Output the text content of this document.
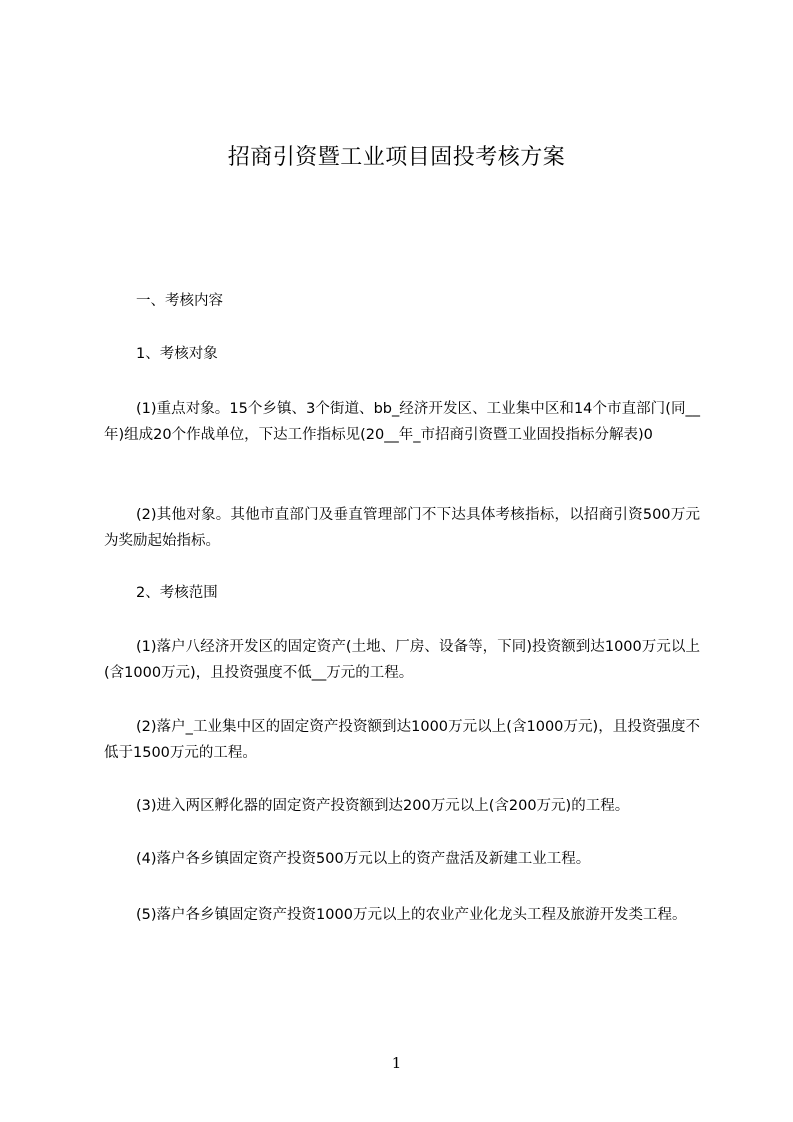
招商引资暨工业项目固投考核方案
一、考核内容
1、考核对象
(1)重点对象。15个乡镇、3个街道、bb_经济开发区、工业集中区和14个市直部门(同__年)组成20个作战单位，下达工作指标见(20__年_市招商引资暨工业固投指标分解表)0
(2)其他对象。其他市直部门及垂直管理部门不下达具体考核指标，以招商引资500万元为奖励起始指标。
2、考核范围
(1)落户八经济开发区的固定资产(土地、厂房、设备等，下同)投资额到达1000万元以上(含1000万元)，且投资强度不低__万元的工程。
(2)落户_工业集中区的固定资产投资额到达1000万元以上(含1000万元)，且投资强度不低于1500万元的工程。
(3)进入两区孵化器的固定资产投资额到达200万元以上(含200万元)的工程。
(4)落户各乡镇固定资产投资500万元以上的资产盘活及新建工业工程。
(5)落户各乡镇固定资产投资1000万元以上的农业产业化龙头工程及旅游开发类工程。
1
